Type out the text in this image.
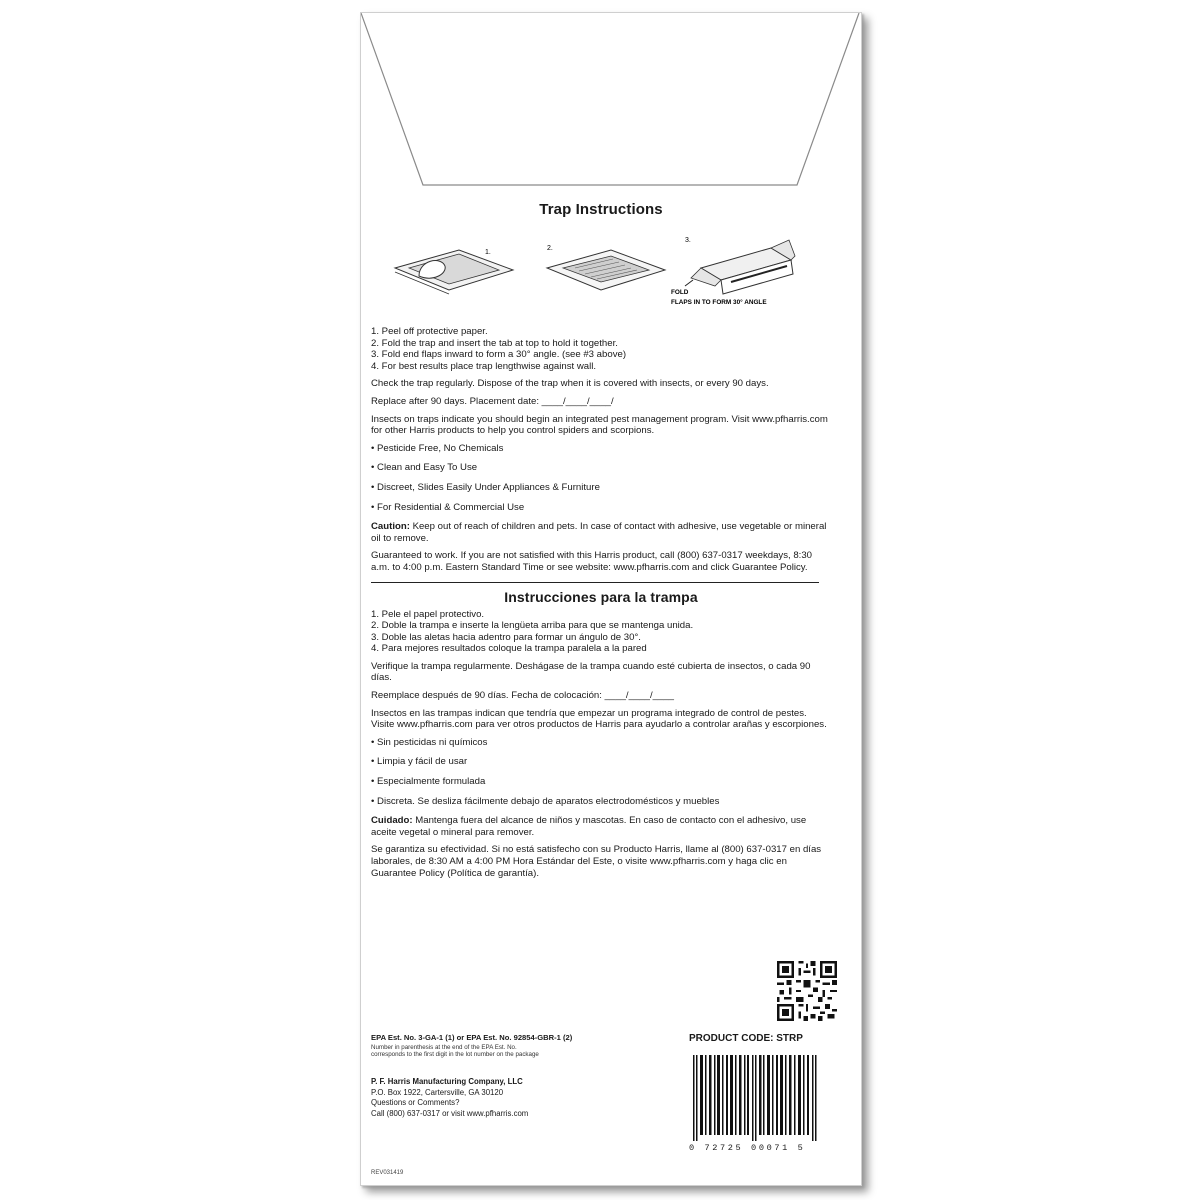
Trap Instructions
1.
2.
3.
FOLD
FLAPS IN TO FORM 30° ANGLE
1. Peel off protective paper.
2. Fold the trap and insert the tab at top to hold it together.
3. Fold end flaps inward to form a 30° angle. (see #3 above)
4. For best results place trap lengthwise against wall.

Check the trap regularly. Dispose of the trap when it is covered with insects, or every 90 days.

Replace after 90 days. Placement date: ____/____/____/

Insects on traps indicate you should begin an integrated pest management program. Visit www.pfharris.com for other Harris products to help you control spiders and scorpions.

• Pesticide Free, No Chemicals
• Clean and Easy To Use
• Discreet, Slides Easily Under Appliances & Furniture
• For Residential & Commercial Use

Caution: Keep out of reach of children and pets. In case of contact with adhesive, use vegetable or mineral oil to remove.

Guaranteed to work. If you are not satisfied with this Harris product, call (800) 637-0317 weekdays, 8:30 a.m. to 4:00 p.m. Eastern Standard Time or see website: www.pfharris.com and click Guarantee Policy.

Instrucciones para la trampa
1. Pele el papel protectivo.
2. Doble la trampa e inserte la lengüeta arriba para que se mantenga unida.
3. Doble las aletas hacia adentro para formar un ángulo de 30°.
4. Para mejores resultados coloque la trampa paralela a la pared

Verifique la trampa regularmente. Deshágase de la trampa cuando esté cubierta de insectos, o cada 90 días.

Reemplace después de 90 días. Fecha de colocación: ____/____/____

Insectos en las trampas indican que tendría que empezar un programa integrado de control de pestes. Visite www.pfharris.com para ver otros productos de Harris para ayudarlo a controlar arañas y escorpiones.

• Sin pesticidas ni químicos
• Limpia y fácil de usar
• Especialmente formulada
• Discreta. Se desliza fácilmente debajo de aparatos electrodomésticos y muebles

Cuidado: Mantenga fuera del alcance de niños y mascotas. En caso de contacto con el adhesivo, use aceite vegetal o mineral para remover.

Se garantiza su efectividad. Si no está satisfecho con su Producto Harris, llame al (800) 637-0317 en días laborales, de 8:30 AM a 4:00 PM Hora Estándar del Este, o visite www.pfharris.com y haga clic en Guarantee Policy (Política de garantía).

EPA Est. No. 3-GA-1 (1) or EPA Est. No. 92854-GBR-1 (2)
Number in parenthesis at the end of the EPA Est. No.
corresponds to the first digit in the lot number on the package
P. F. Harris Manufacturing Company, LLC
P.O. Box 1922, Cartersville, GA 30120
Questions or Comments?
Call (800) 637-0317 or visit www.pfharris.com
PRODUCT CODE: STRP
0 72725 00071 5
REV031419
